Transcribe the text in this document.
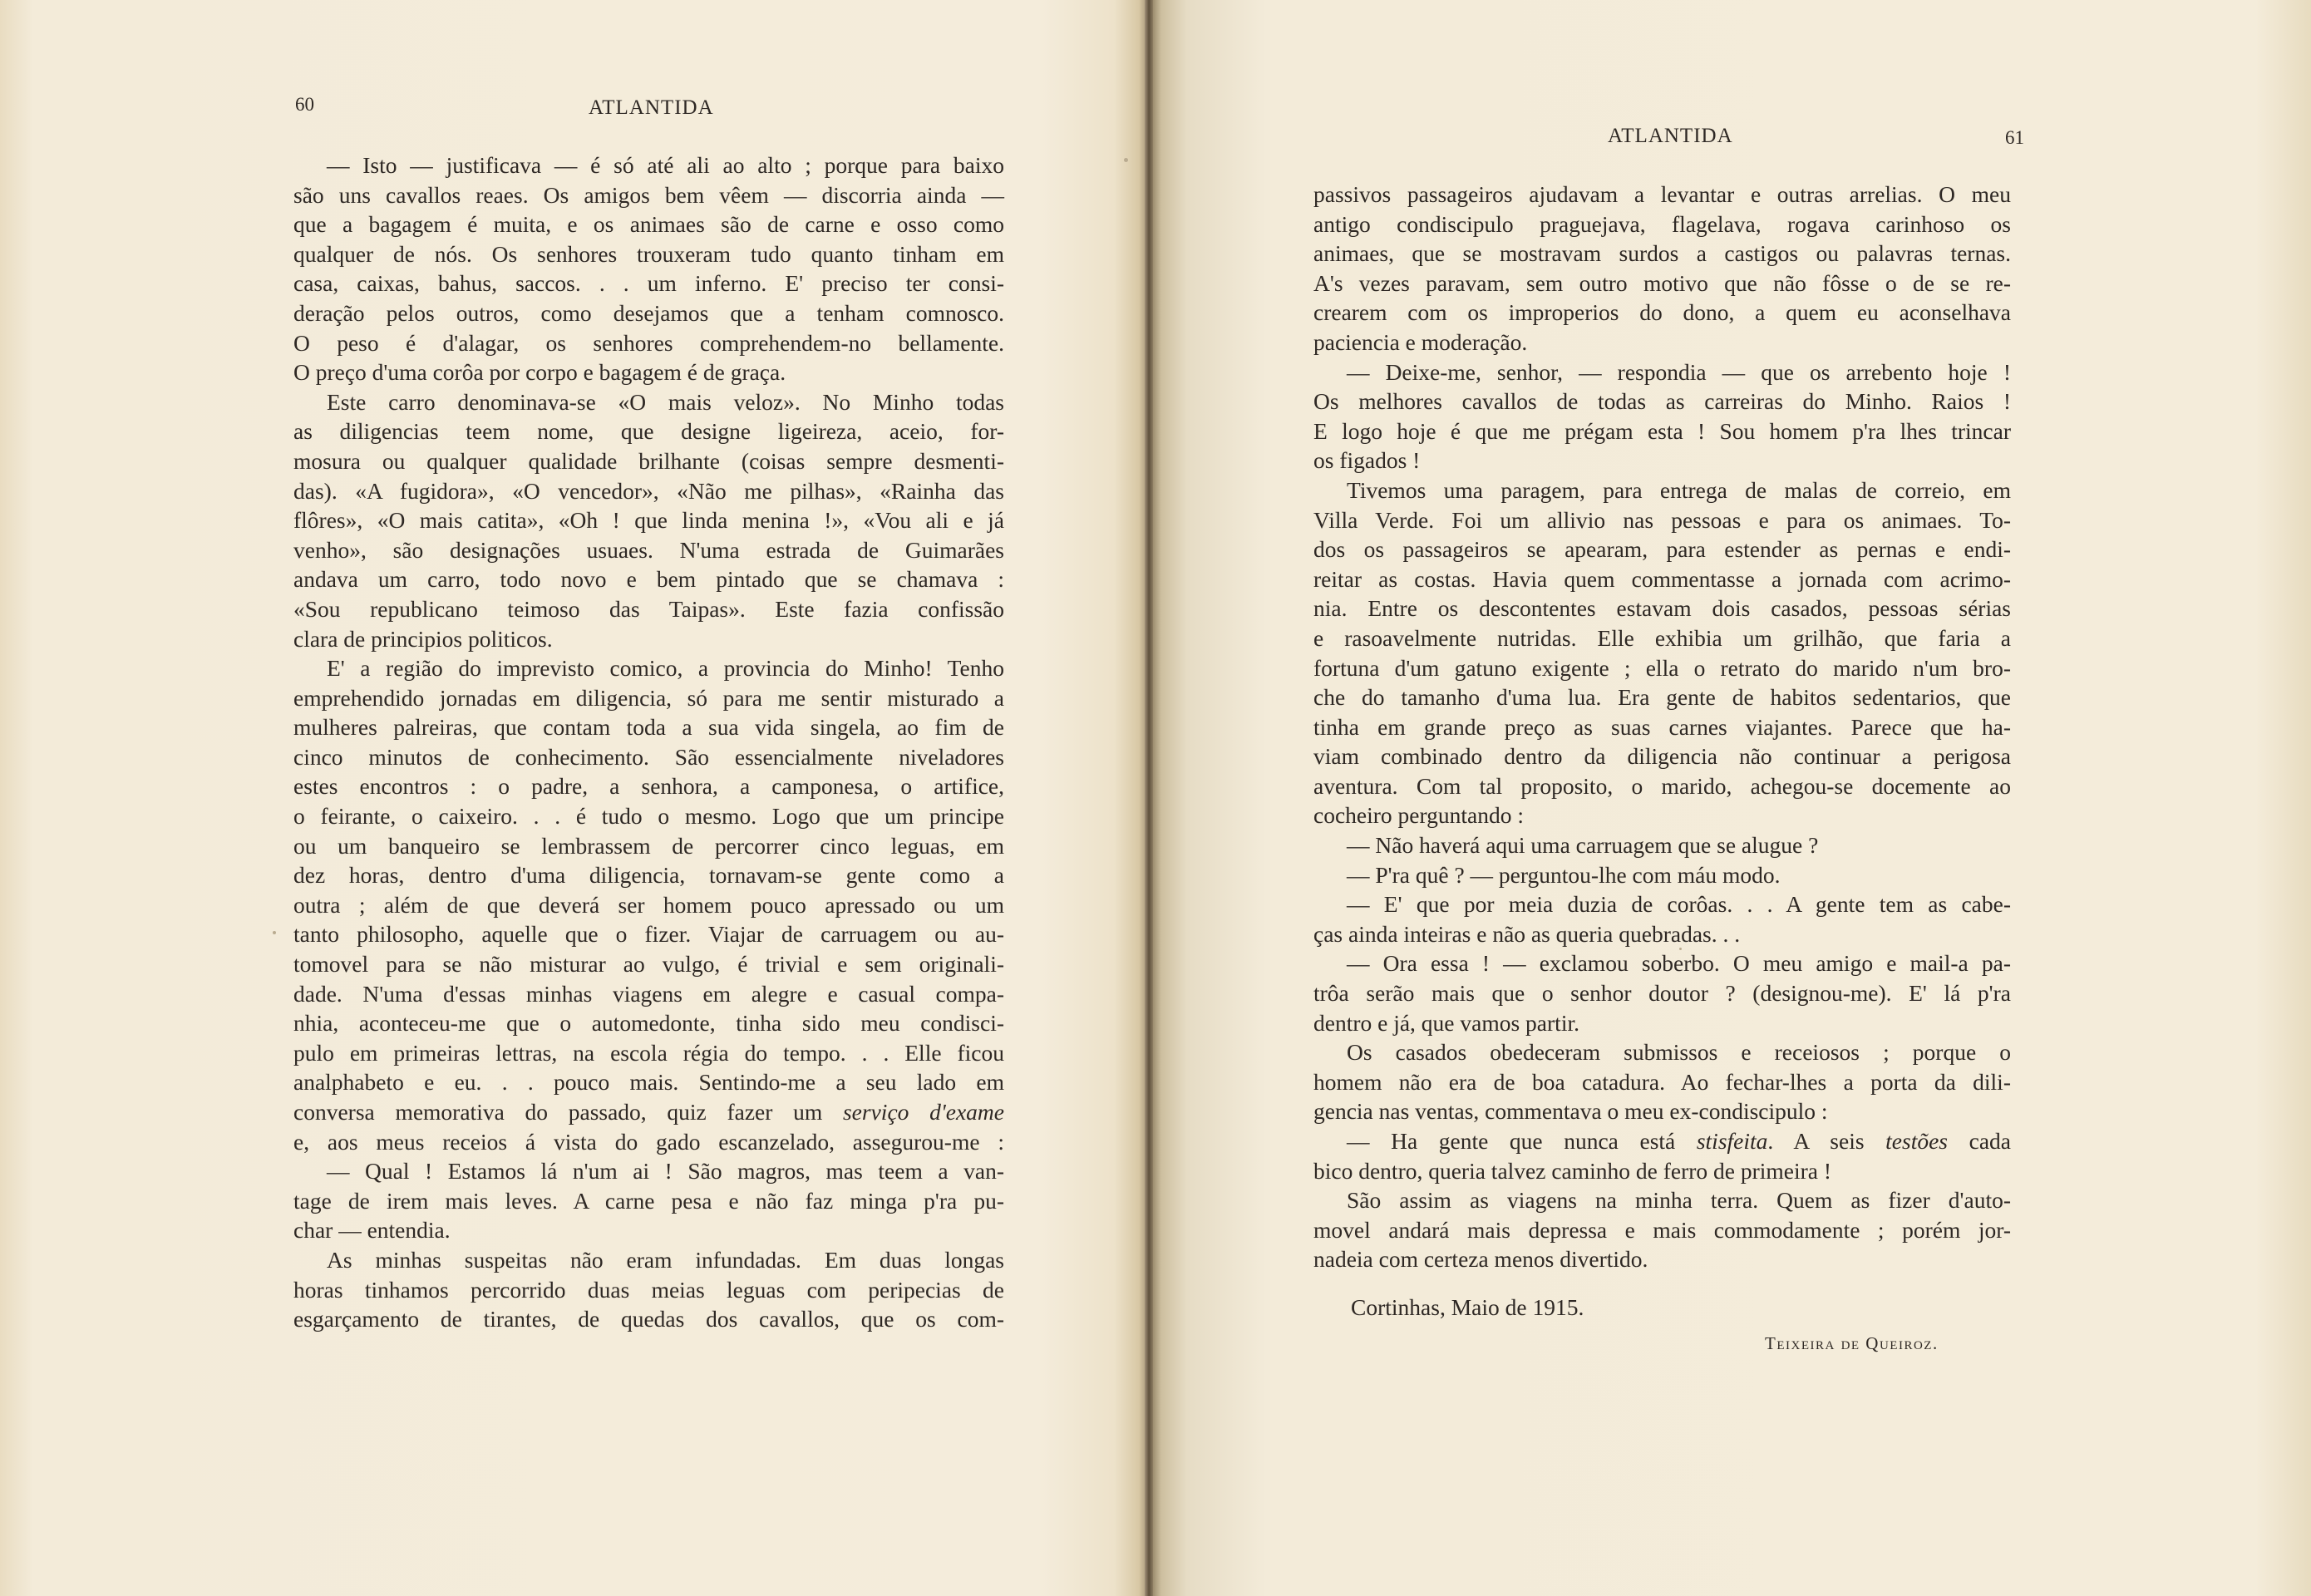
60	ATLANTIDA
— Isto — justificava — é só até ali ao alto ; porque para baixo
são uns cavallos reaes. Os amigos bem vêem — discorria ainda —
que a bagagem é muita, e os animaes são de carne e osso como
qualquer de nós. Os senhores trouxeram tudo quanto tinham em
casa, caixas, bahus, saccos. . . um inferno. E' preciso ter consi-
deração pelos outros, como desejamos que a tenham comnosco.
O peso é d'alagar, os senhores comprehendem-no bellamente.
O preço d'uma corôa por corpo e bagagem é de graça.
Este carro denominava-se «O mais veloz». No Minho todas
as diligencias teem nome, que designe ligeireza, aceio, for-
mosura ou qualquer qualidade brilhante (coisas sempre desmenti-
das). «A fugidora», «O vencedor», «Não me pilhas», «Rainha das
flôres», «O mais catita», «Oh ! que linda menina !», «Vou ali e já
venho», são designações usuaes. N'uma estrada de Guimarães
andava um carro, todo novo e bem pintado que se chamava :
«Sou republicano teimoso das Taipas». Este fazia confissão
clara de principios politicos.
E' a região do imprevisto comico, a provincia do Minho! Tenho
emprehendido jornadas em diligencia, só para me sentir misturado a
mulheres palreiras, que contam toda a sua vida singela, ao fim de
cinco minutos de conhecimento. São essencialmente niveladores
estes encontros : o padre, a senhora, a camponesa, o artifice,
o feirante, o caixeiro. . . é tudo o mesmo. Logo que um principe
ou um banqueiro se lembrassem de percorrer cinco leguas, em
dez horas, dentro d'uma diligencia, tornavam-se gente como a
outra ; além de que deverá ser homem pouco apressado ou um
tanto philosopho, aquelle que o fizer. Viajar de carruagem ou au-
tomovel para se não misturar ao vulgo, é trivial e sem originali-
dade. N'uma d'essas minhas viagens em alegre e casual compa-
nhia, aconteceu-me que o automedonte, tinha sido meu condisci-
pulo em primeiras lettras, na escola régia do tempo. . . Elle ficou
analphabeto e eu. . . pouco mais. Sentindo-me a seu lado em
conversa memorativa do passado, quiz fazer um serviço d'exame
e, aos meus receios á vista do gado escanzelado, assegurou-me :
— Qual ! Estamos lá n'um ai ! São magros, mas teem a van-
tage de irem mais leves. A carne pesa e não faz minga p'ra pu-
char — entendia.
As minhas suspeitas não eram infundadas. Em duas longas
horas tinhamos percorrido duas meias leguas com peripecias de
esgarçamento de tirantes, de quedas dos cavallos, que os com-
ATLANTIDA	61
passivos passageiros ajudavam a levantar e outras arrelias. O meu
antigo condiscipulo praguejava, flagelava, rogava carinhoso os
animaes, que se mostravam surdos a castigos ou palavras ternas.
A's vezes paravam, sem outro motivo que não fôsse o de se re-
crearem com os improperios do dono, a quem eu aconselhava
paciencia e moderação.
— Deixe-me, senhor, — respondia — que os arrebento hoje !
Os melhores cavallos de todas as carreiras do Minho. Raios !
E logo hoje é que me prégam esta ! Sou homem p'ra lhes trincar
os figados !
Tivemos uma paragem, para entrega de malas de correio, em
Villa Verde. Foi um allivio nas pessoas e para os animaes. To-
dos os passageiros se apearam, para estender as pernas e endi-
reitar as costas. Havia quem commentasse a jornada com acrimo-
nia. Entre os descontentes estavam dois casados, pessoas sérias
e rasoavelmente nutridas. Elle exhibia um grilhão, que faria a
fortuna d'um gatuno exigente ; ella o retrato do marido n'um bro-
che do tamanho d'uma lua. Era gente de habitos sedentarios, que
tinha em grande preço as suas carnes viajantes. Parece que ha-
viam combinado dentro da diligencia não continuar a perigosa
aventura. Com tal proposito, o marido, achegou-se docemente ao
cocheiro perguntando :
— Não haverá aqui uma carruagem que se alugue ?
— P'ra quê ? — perguntou-lhe com máu modo.
— E' que por meia duzia de corôas. . . A gente tem as cabe-
ças ainda inteiras e não as queria quebradas. . .
— Ora essa ! — exclamou soberbo. O meu amigo e mail-a pa-
trôa serão mais que o senhor doutor ? (designou-me). E' lá p'ra
dentro e já, que vamos partir.
Os casados obedeceram submissos e receiosos ; porque o
homem não era de boa catadura. Ao fechar-lhes a porta da dili-
gencia nas ventas, commentava o meu ex-condiscipulo :
— Ha gente que nunca está stisfeita. A seis testões cada
bico dentro, queria talvez caminho de ferro de primeira !
São assim as viagens na minha terra. Quem as fizer d'auto-
movel andará mais depressa e mais commodamente ; porém jor-
nadeia com certeza menos divertido.
Cortinhas, Maio de 1915.
Teixeira de Queiroz.
